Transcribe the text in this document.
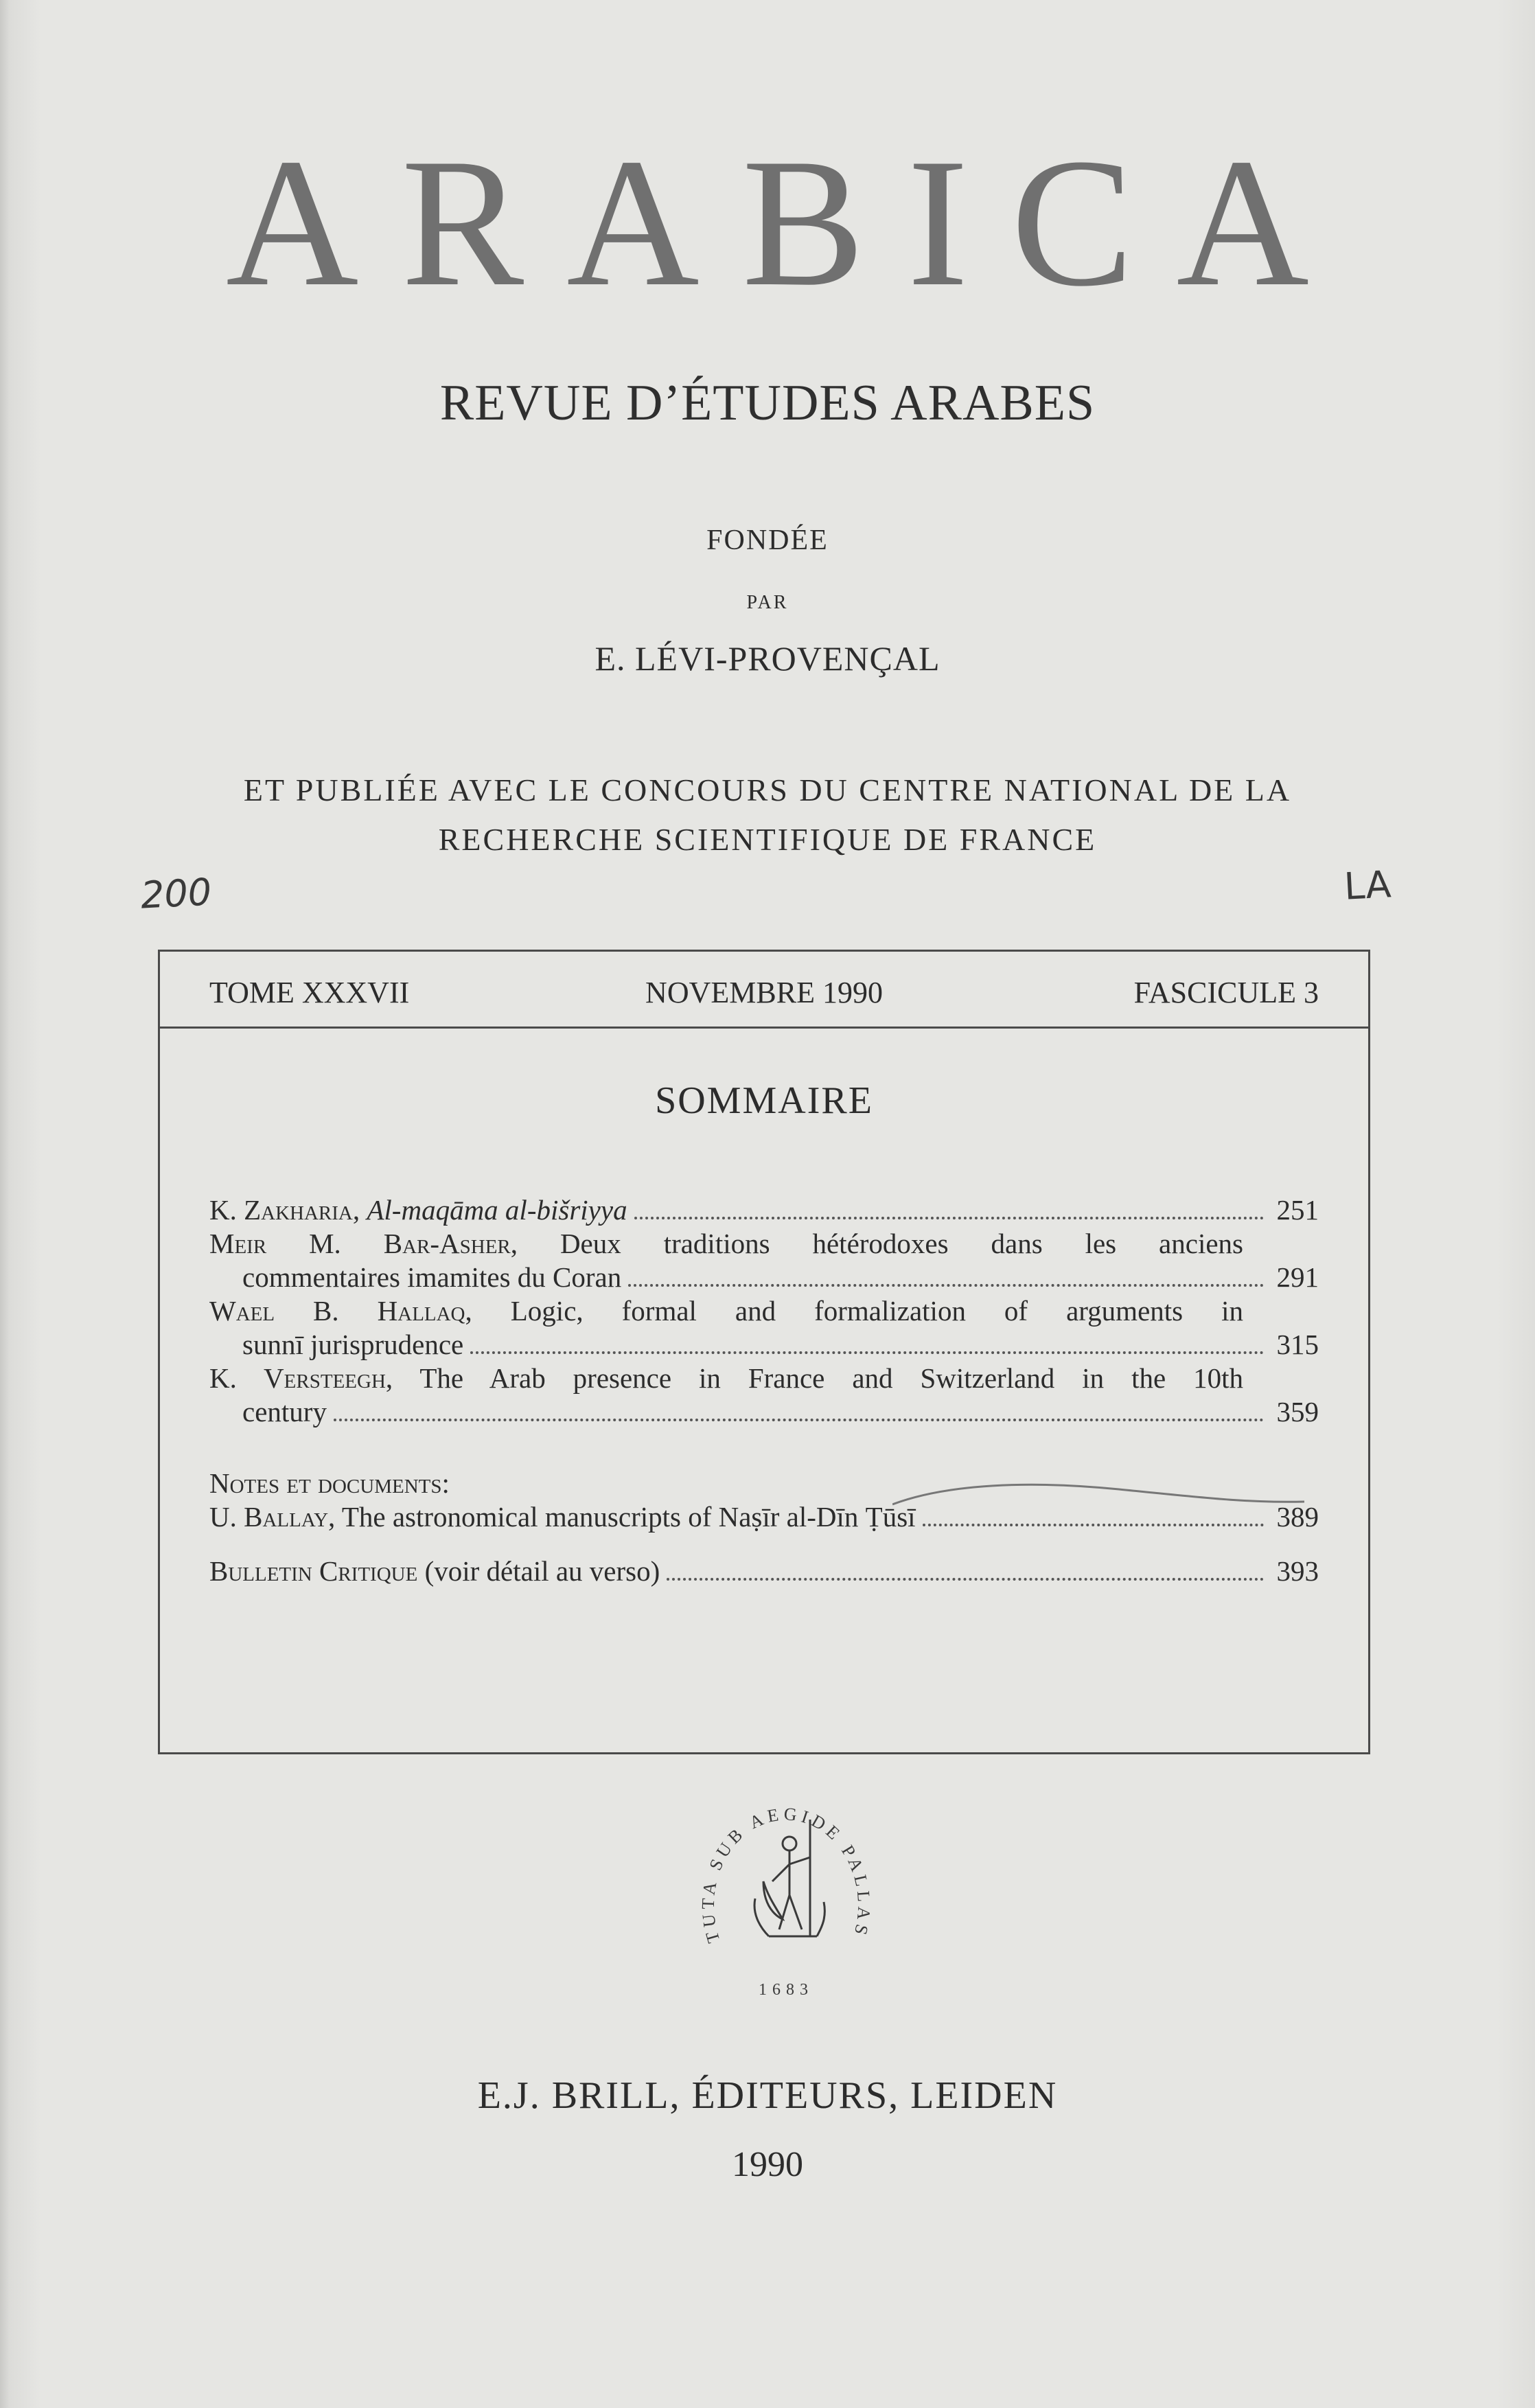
ARABICA
REVUE D’ÉTUDES ARABES
FONDÉE
PAR
E. LÉVI-PROVENÇAL
ET PUBLIÉE AVEC LE CONCOURS DU CENTRE NATIONAL DE LA
RECHERCHE SCIENTIFIQUE DE FRANCE
200	LA
NOVEMBRE 1990
TOME XXXVII	FASCICULE 3
SOMMAIRE
K. Zakharia, Al-maqāma al-bišriyya	251
Meir M. Bar-Asher, Deux traditions hétérodoxes dans les anciens
commentaires imamites du Coran	291
Wael B. Hallaq, Logic, formal and formalization of arguments in
sunnī jurisprudence	315
K. Versteegh, The Arab presence in France and Switzerland in the 10th
century	359
Notes et documents:
U. Ballay, The astronomical manuscripts of Naṣīr al-Dīn Ṭūsī	389
Bulletin Critique (voir détail au verso)	393
TUTA SUB AEGIDE PALLAS
1683
E.J. BRILL, ÉDITEURS, LEIDEN
1990
